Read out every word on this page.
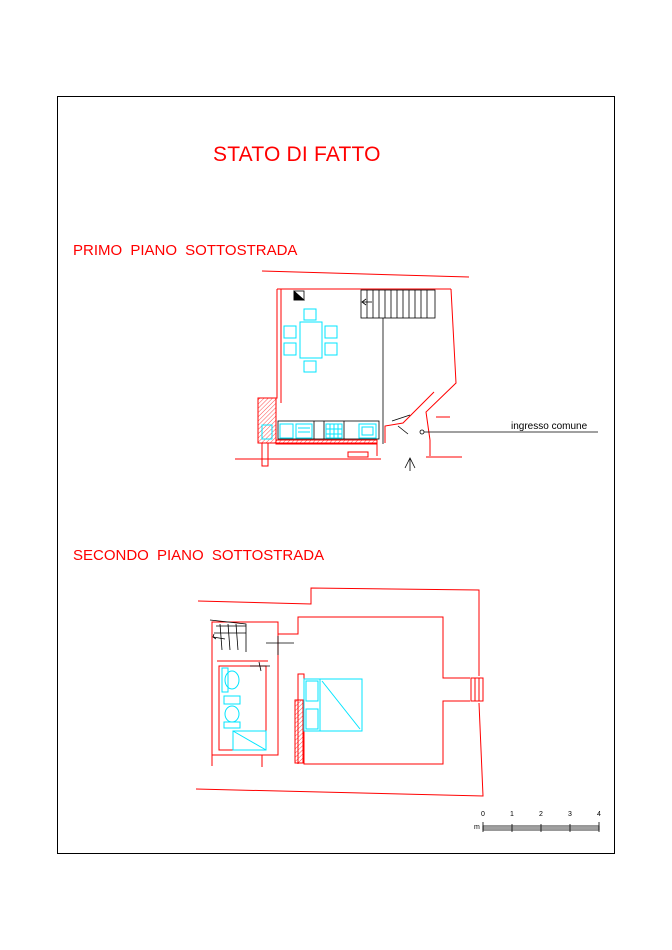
STATO DI FATTO
PRIMO PIANO SOTTOSTRADA
SECONDO PIANO SOTTOSTRADA
ingresso comune
0	1	2	3	4
m
